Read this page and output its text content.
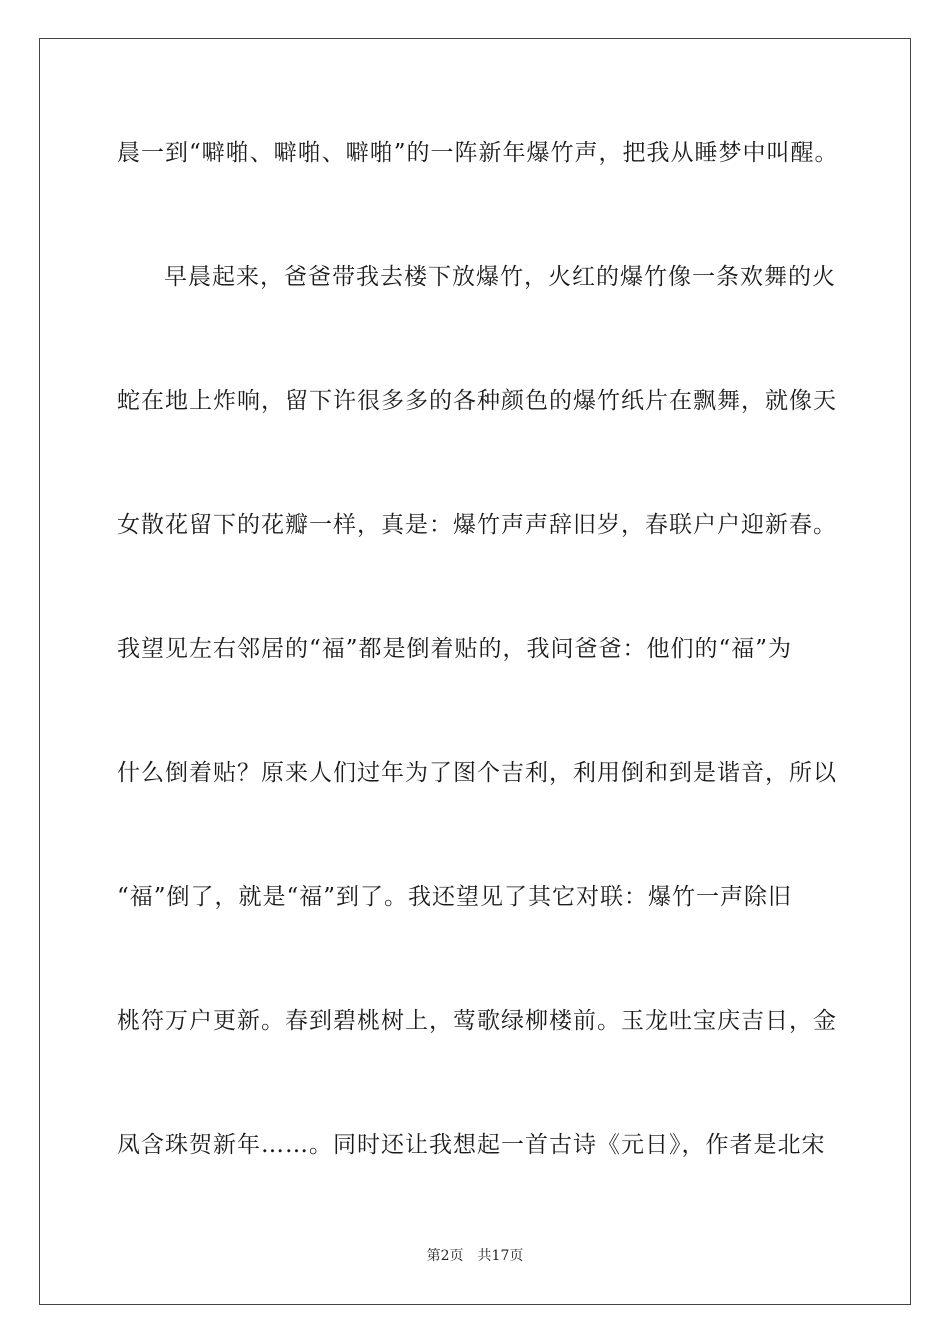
晨一到“噼啪、噼啪、噼啪”的一阵新年爆竹声，把我从睡梦中叫醒。

早晨起来，爸爸带我去楼下放爆竹，火红的爆竹像一条欢舞的火

蛇在地上炸响，留下许很多多的各种颜色的爆竹纸片在飘舞，就像天

女散花留下的花瓣一样，真是：爆竹声声辞旧岁，春联户户迎新春。

我望见左右邻居的“福”都是倒着贴的，我问爸爸：他们的“福”为

什么倒着贴？原来人们过年为了图个吉利，利用倒和到是谐音，所以

“福”倒了，就是“福”到了。我还望见了其它对联：爆竹一声除旧

桃符万户更新。春到碧桃树上，莺歌绿柳楼前。玉龙吐宝庆吉日，金

凤含珠贺新年……。同时还让我想起一首古诗《元日》，作者是北宋

第2页 共17页
